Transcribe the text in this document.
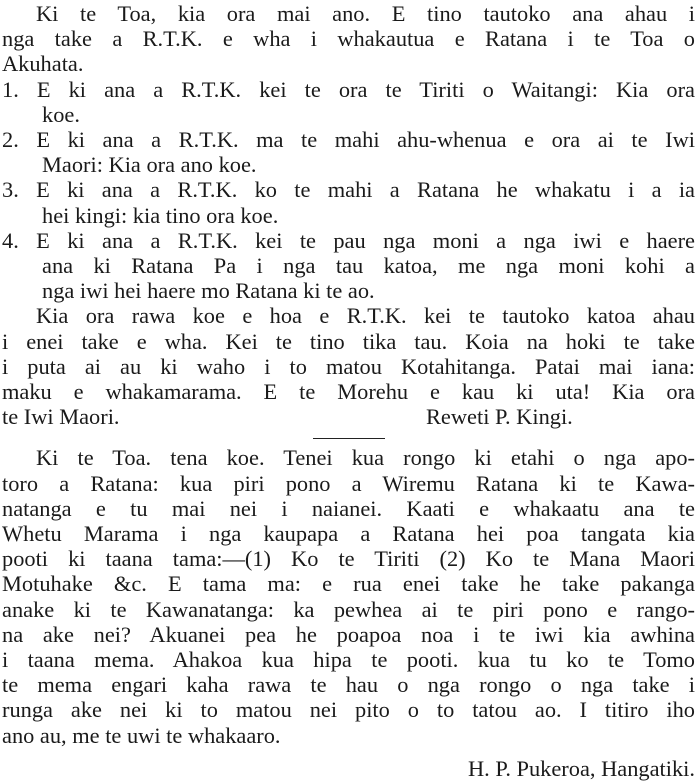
Ki te Toa, kia ora mai ano. E tino tautoko ana ahau i
nga take a R.T.K. e wha i whakautua e Ratana i te Toa o
Akuhata.
1. E ki ana a R.T.K. kei te ora te Tiriti o Waitangi: Kia ora
koe.
2. E ki ana a R.T.K. ma te mahi ahu-whenua e ora ai te Iwi
Maori: Kia ora ano koe.
3. E ki ana a R.T.K. ko te mahi a Ratana he whakatu i a ia
hei kingi: kia tino ora koe.
4. E ki ana a R.T.K. kei te pau nga moni a nga iwi e haere
ana ki Ratana Pa i nga tau katoa, me nga moni kohi a
nga iwi hei haere mo Ratana ki te ao.
Kia ora rawa koe e hoa e R.T.K. kei te tautoko katoa ahau
i enei take e wha. Kei te tino tika tau. Koia na hoki te take
i puta ai au ki waho i to matou Kotahitanga. Patai mai iana:
maku e whakamarama. E te Morehu e kau ki uta! Kia ora
te Iwi Maori.	Reweti P. Kingi.
Ki te Toa. tena koe. Tenei kua rongo ki etahi o nga apo-
toro a Ratana: kua piri pono a Wiremu Ratana ki te Kawa-
natanga e tu mai nei i naianei. Kaati e whakaatu ana te
Whetu Marama i nga kaupapa a Ratana hei poa tangata kia
pooti ki taana tama:—(1) Ko te Tiriti (2) Ko te Mana Maori
Motuhake &c. E tama ma: e rua enei take he take pakanga
anake ki te Kawanatanga: ka pewhea ai te piri pono e rango-
na ake nei? Akuanei pea he poapoa noa i te iwi kia awhina
i taana mema. Ahakoa kua hipa te pooti. kua tu ko te Tomo
te mema engari kaha rawa te hau o nga rongo o nga take i
runga ake nei ki to matou nei pito o to tatou ao. I titiro iho
ano au, me te uwi te whakaaro.
H. P. Pukeroa, Hangatiki.
